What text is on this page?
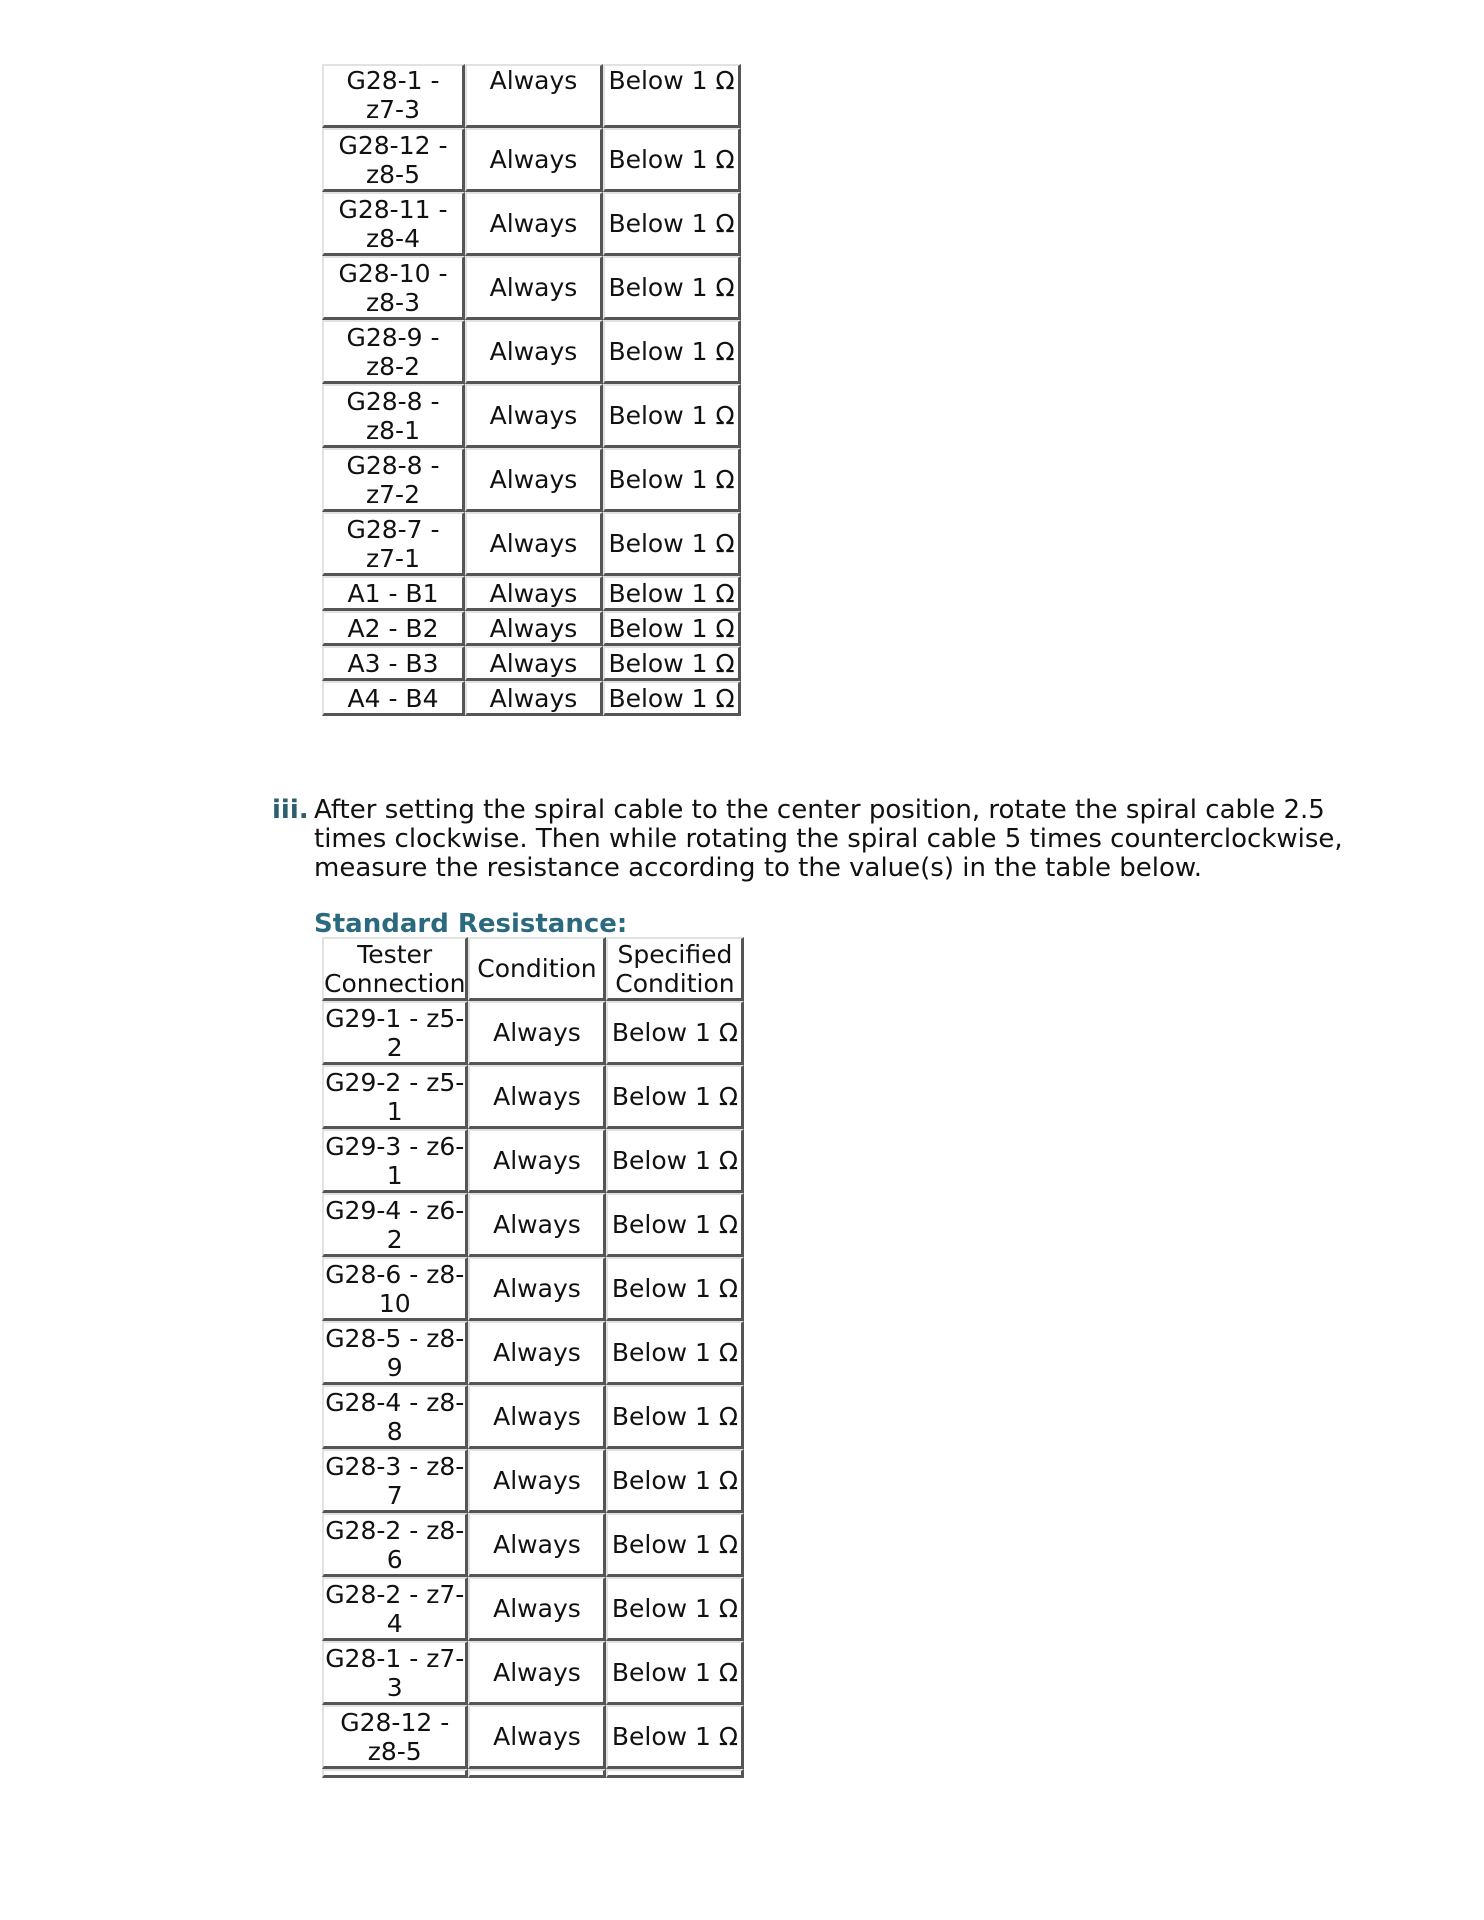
G28-1 - z7-3	Always	Below 1 Ω
G28-12 - z8-5	Always	Below 1 Ω
G28-11 - z8-4	Always	Below 1 Ω
G28-10 - z8-3	Always	Below 1 Ω
G28-9 - z8-2	Always	Below 1 Ω
G28-8 - z8-1	Always	Below 1 Ω
G28-8 - z7-2	Always	Below 1 Ω
G28-7 - z7-1	Always	Below 1 Ω
A1 - B1	Always	Below 1 Ω
A2 - B2	Always	Below 1 Ω
A3 - B3	Always	Below 1 Ω
A4 - B4	Always	Below 1 Ω
iii. After setting the spiral cable to the center position, rotate the spiral cable 2.5 times clockwise. Then while rotating the spiral cable 5 times counterclockwise, measure the resistance according to the value(s) in the table below.

Standard Resistance:
Tester Connection	Condition	Specified Condition
G29-1 - z5-2	Always	Below 1 Ω
G29-2 - z5-1	Always	Below 1 Ω
G29-3 - z6-1	Always	Below 1 Ω
G29-4 - z6-2	Always	Below 1 Ω
G28-6 - z8-10	Always	Below 1 Ω
G28-5 - z8-9	Always	Below 1 Ω
G28-4 - z8-8	Always	Below 1 Ω
G28-3 - z8-7	Always	Below 1 Ω
G28-2 - z8-6	Always	Below 1 Ω
G28-2 - z7-4	Always	Below 1 Ω
G28-1 - z7-3	Always	Below 1 Ω
G28-12 - z8-5	Always	Below 1 Ω
